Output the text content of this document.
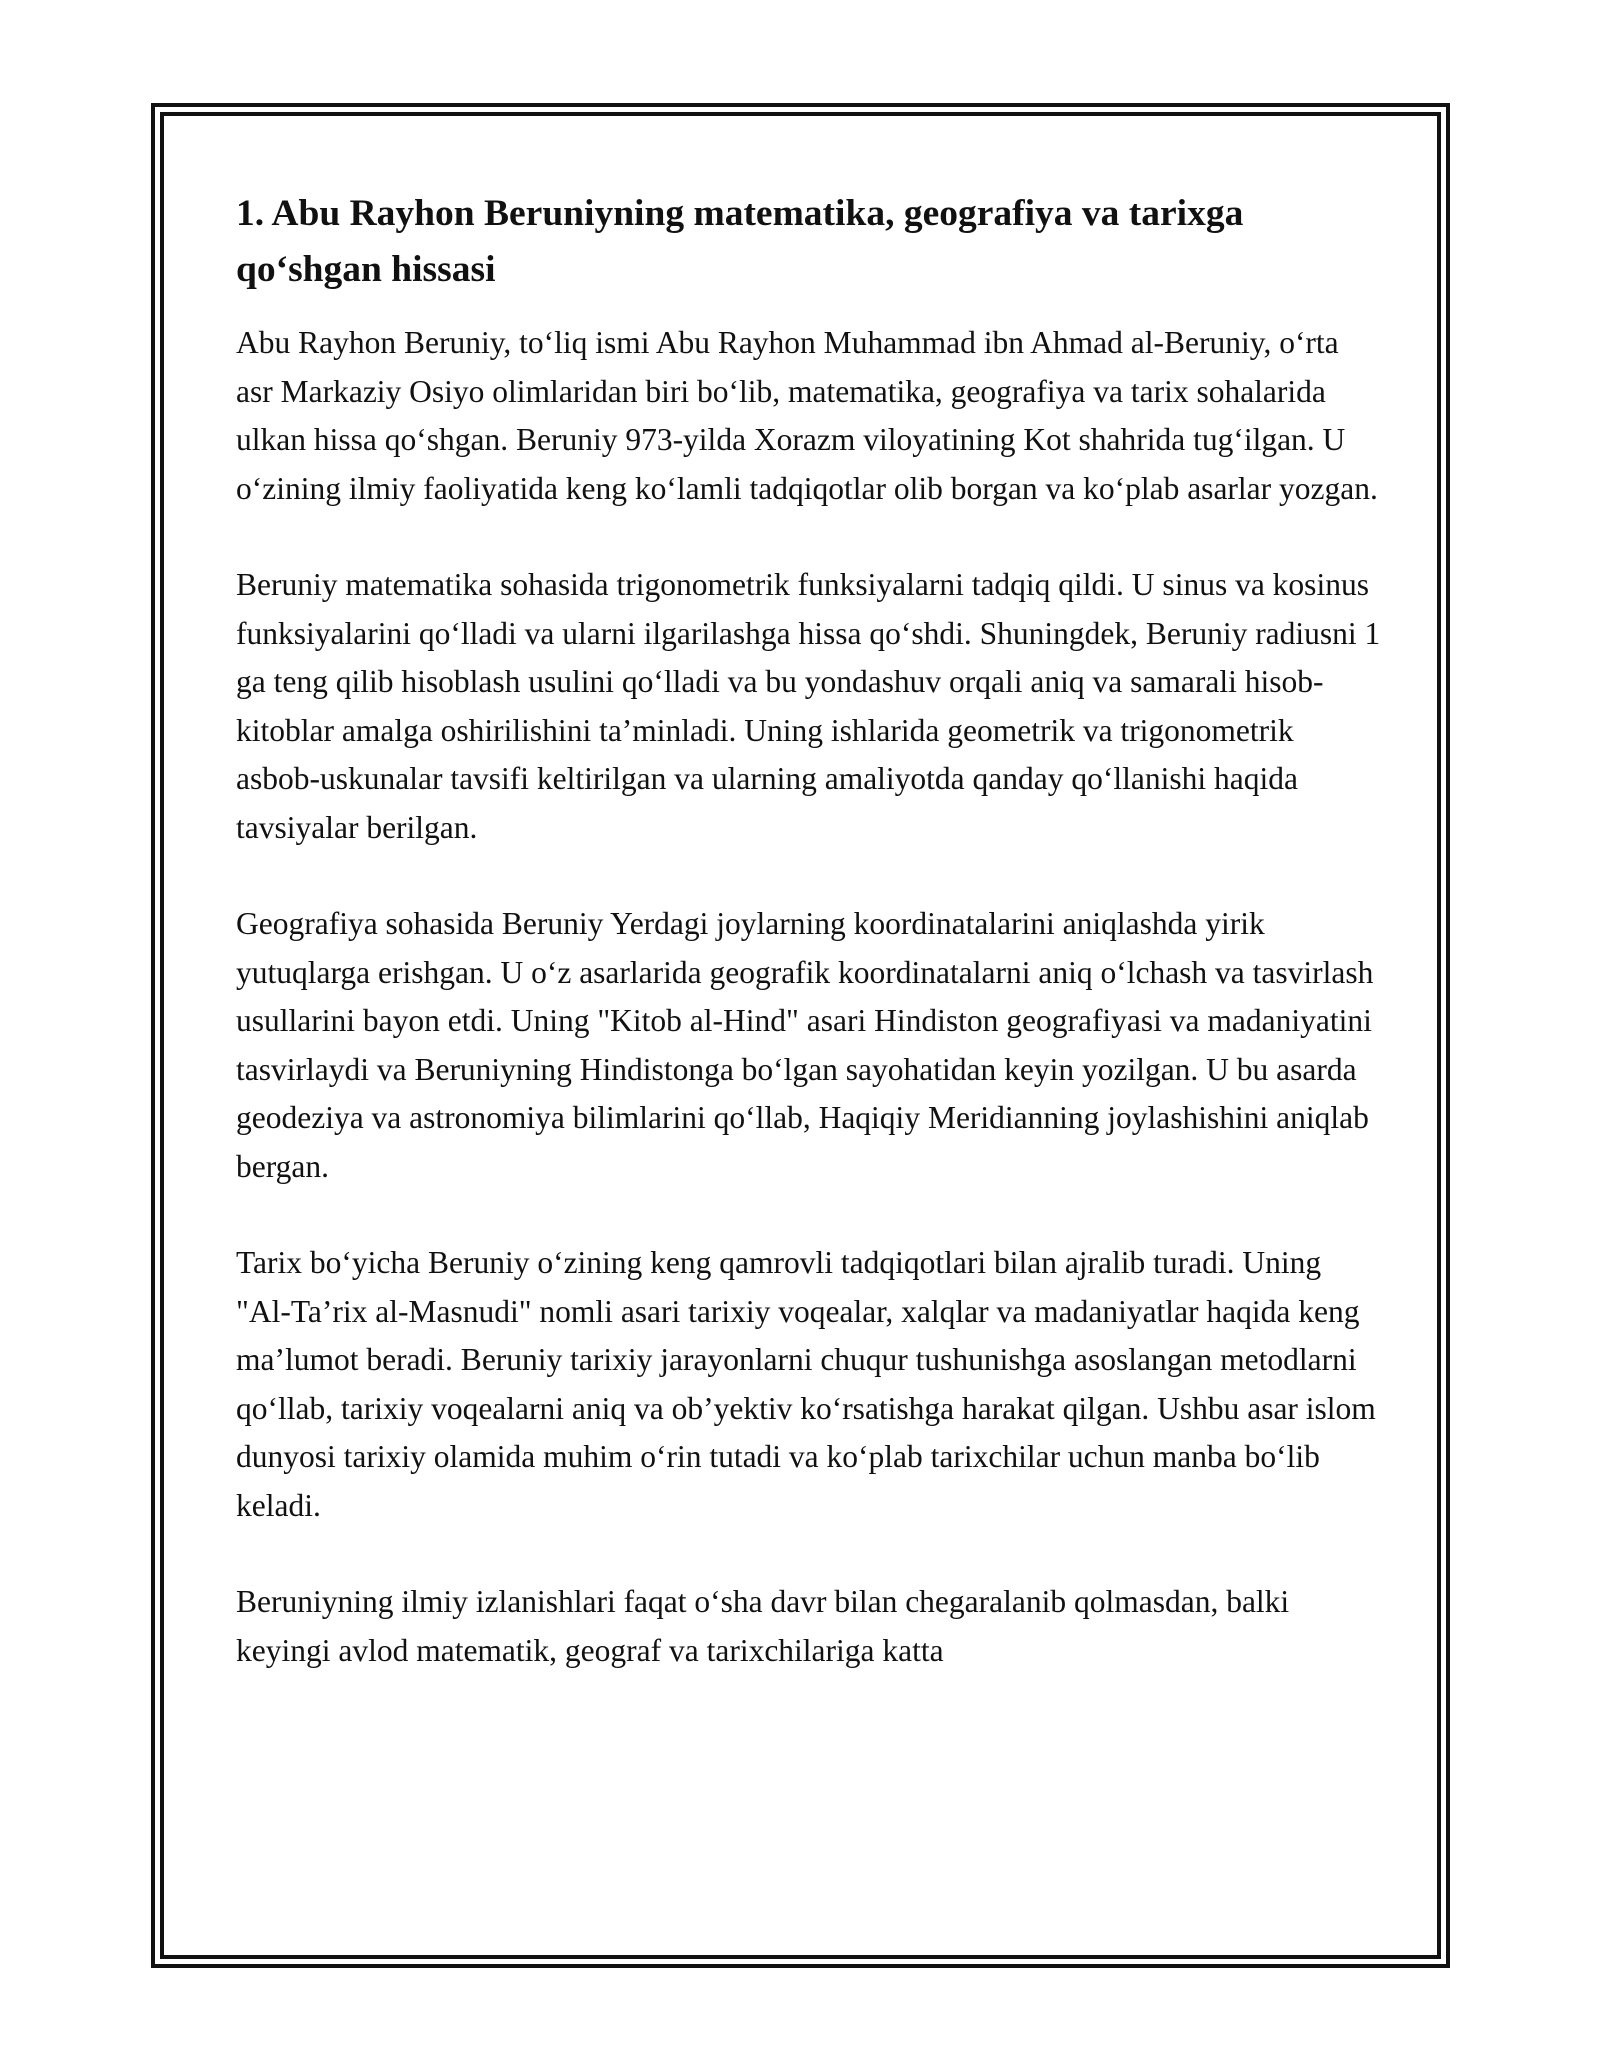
1. Abu Rayhon Beruniyning matematika, geografiya va tarixga qo‘shgan hissasi

Abu Rayhon Beruniy, to‘liq ismi Abu Rayhon Muhammad ibn Ahmad al-Beruniy, o‘rta asr Markaziy Osiyo olimlaridan biri bo‘lib, matematika, geografiya va tarix sohalarida ulkan hissa qo‘shgan. Beruniy 973-yilda Xorazm viloyatining Kot shahrida tug‘ilgan. U o‘zining ilmiy faoliyatida keng ko‘lamli tadqiqotlar olib borgan va ko‘plab asarlar yozgan.

Beruniy matematika sohasida trigonometrik funksiyalarni tadqiq qildi. U sinus va kosinus funksiyalarini qo‘lladi va ularni ilgarilashga hissa qo‘shdi. Shuningdek, Beruniy radiusni 1 ga teng qilib hisoblash usulini qo‘lladi va bu yondashuv orqali aniq va samarali hisob-kitoblar amalga oshirilishini ta’minladi. Uning ishlarida geometrik va trigonometrik asbob-uskunalar tavsifi keltirilgan va ularning amaliyotda qanday qo‘llanishi haqida tavsiyalar berilgan.

Geografiya sohasida Beruniy Yerdagi joylarning koordinatalarini aniqlashda yirik yutuqlarga erishgan. U o‘z asarlarida geografik koordinatalarni aniq o‘lchash va tasvirlash usullarini bayon etdi. Uning "Kitob al-Hind" asari Hindiston geografiyasi va madaniyatini tasvirlaydi va Beruniyning Hindistonga bo‘lgan sayohatidan keyin yozilgan. U bu asarda geodeziya va astronomiya bilimlarini qo‘llab, Haqiqiy Meridianning joylashishini aniqlab bergan.

Tarix bo‘yicha Beruniy o‘zining keng qamrovli tadqiqotlari bilan ajralib turadi. Uning "Al-Ta’rix al-Masnudi" nomli asari tarixiy voqealar, xalqlar va madaniyatlar haqida keng ma’lumot beradi. Beruniy tarixiy jarayonlarni chuqur tushunishga asoslangan metodlarni qo‘llab, tarixiy voqealarni aniq va ob’yektiv ko‘rsatishga harakat qilgan. Ushbu asar islom dunyosi tarixiy olamida muhim o‘rin tutadi va ko‘plab tarixchilar uchun manba bo‘lib keladi.

Beruniyning ilmiy izlanishlari faqat o‘sha davr bilan chegaralanib qolmasdan, balki keyingi avlod matematik, geograf va tarixchilariga katta
